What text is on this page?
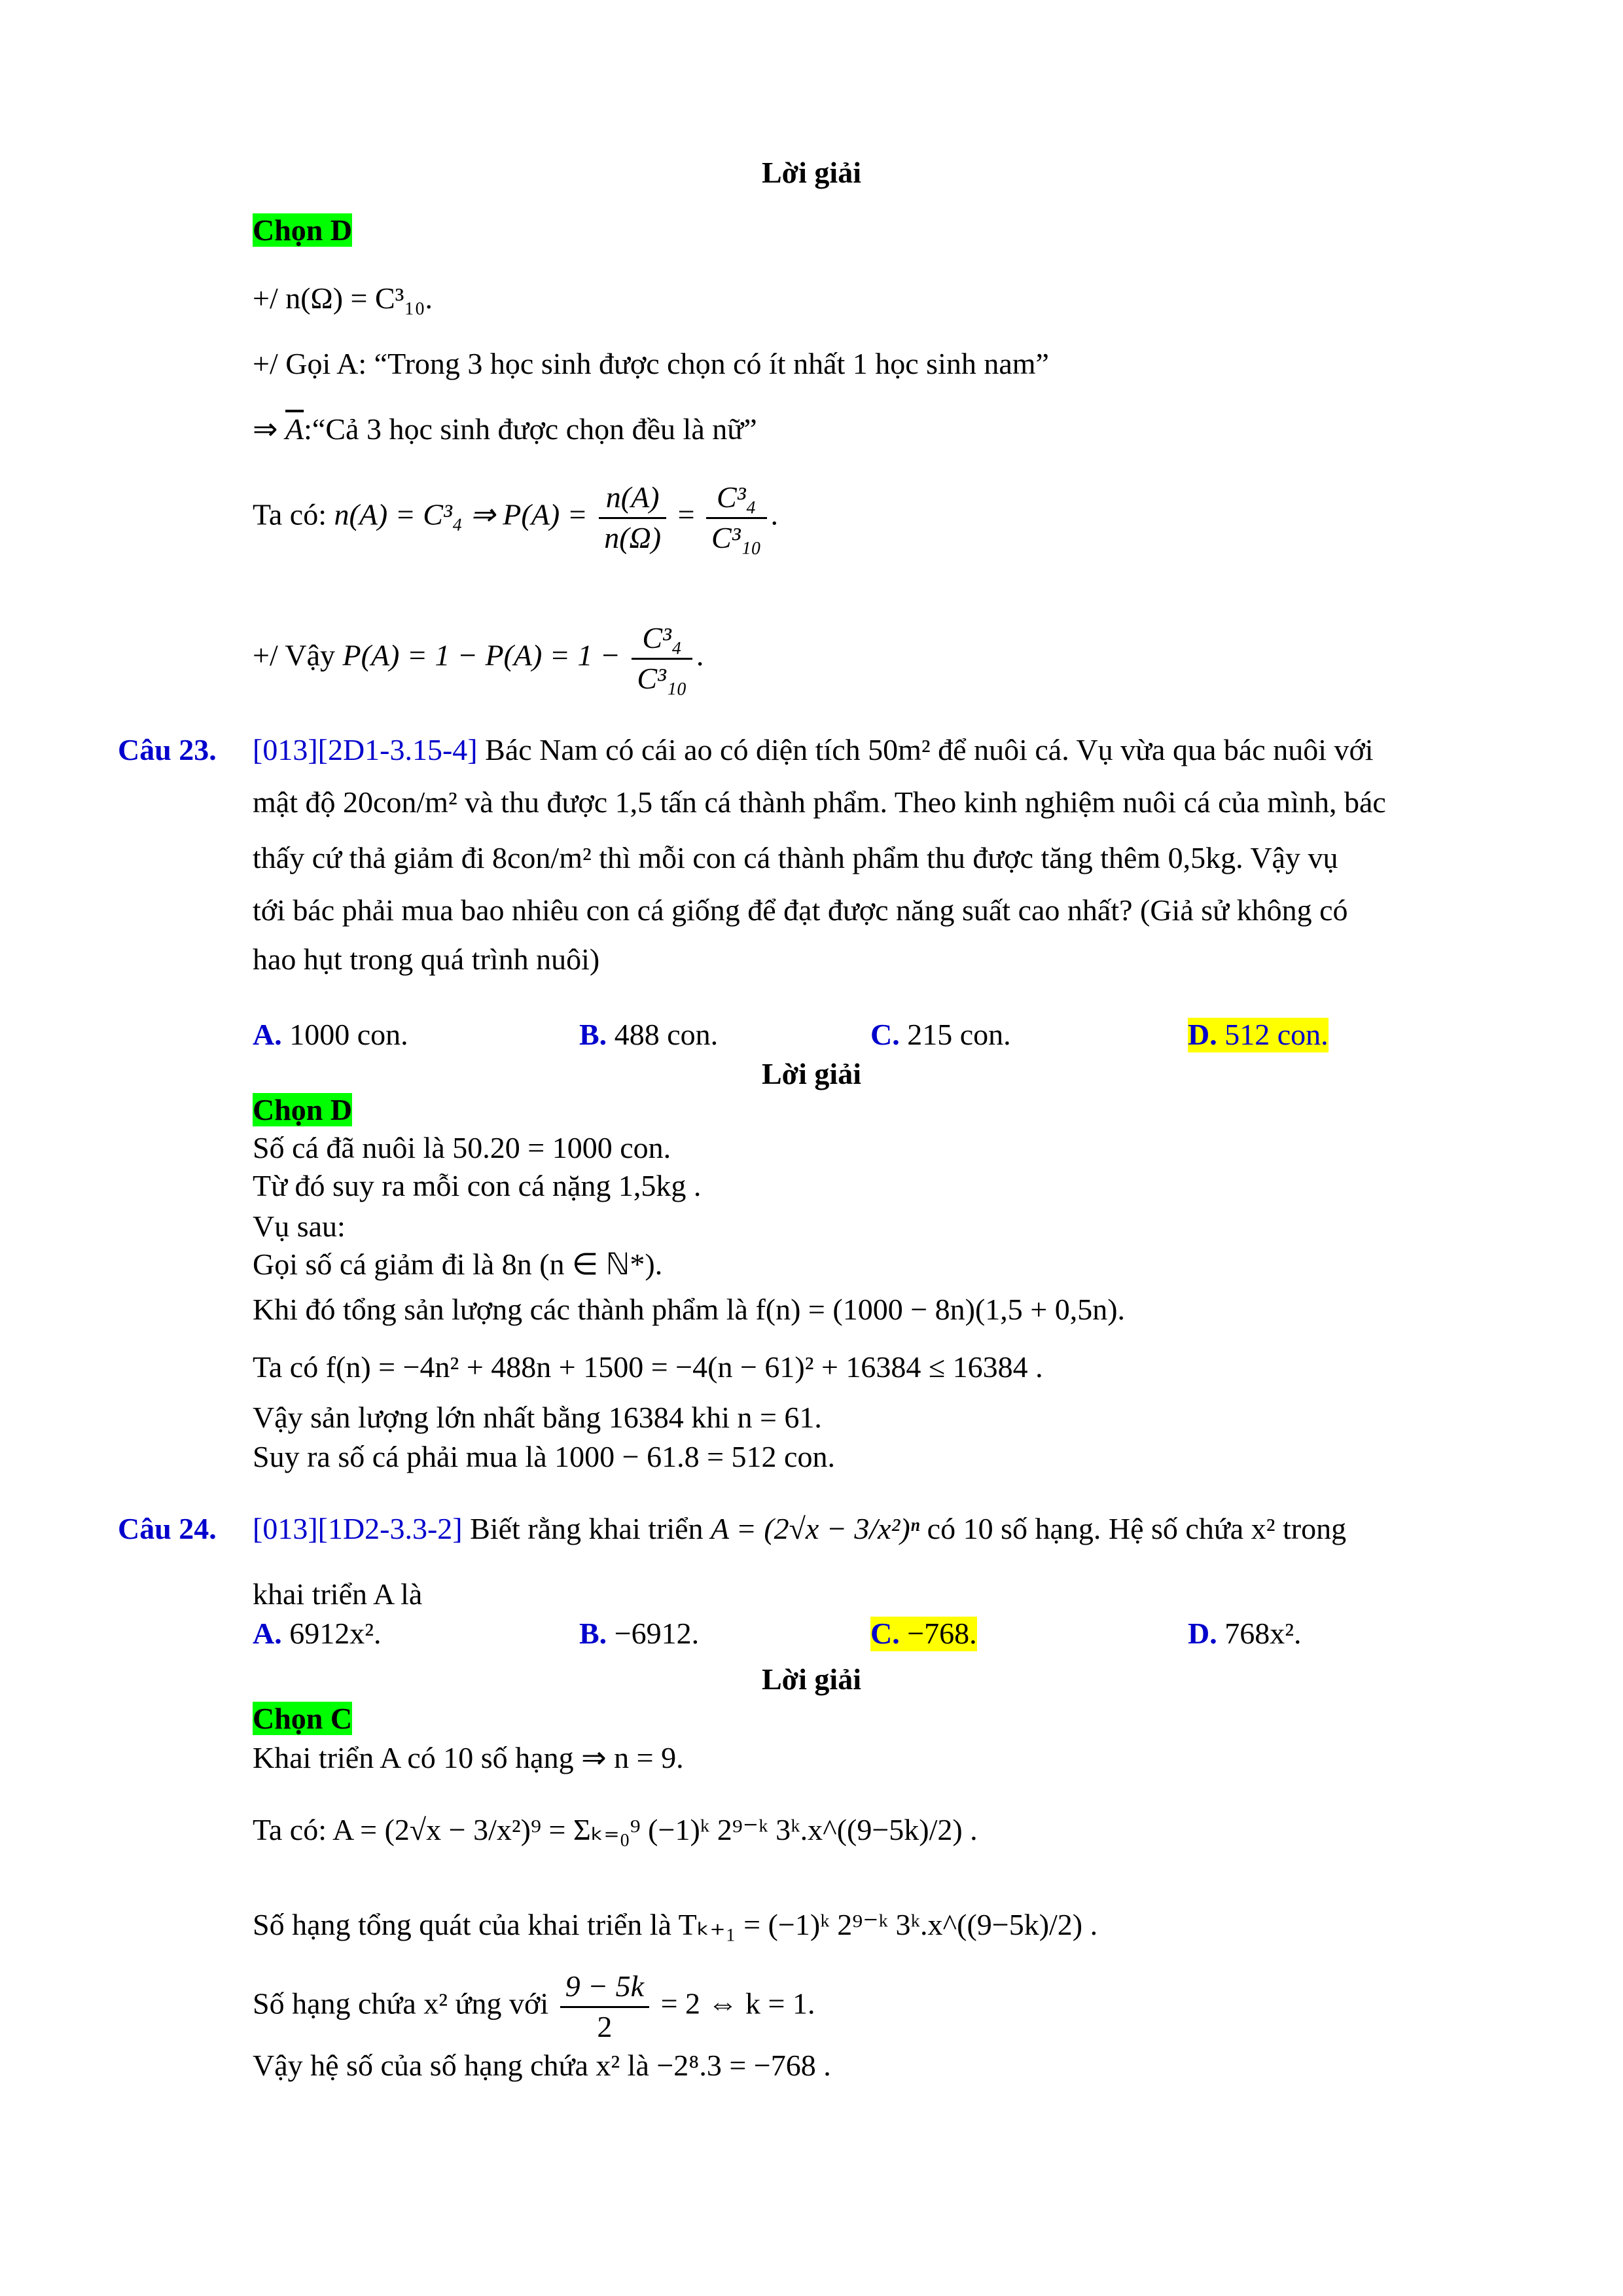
Lời giải
Chọn D
+/ n(Ω) = C³₁₀.
+/ Gọi A: “Trong 3 học sinh được chọn có ít nhất 1 học sinh nam”
⇒ $\overline{A}:“Cả$ 3 học sinh được chọn đều là nữ”
Ta có: n(A) = C³₄ ⇒ $P(A) = \frac{n(A)}{n(\Omega)} = \frac{\text{C³₄}}{\text{C³₁₀}}$ .
+/ Vậy $P(A) = 1 - P(A) = 1 - \frac{\text{C³₄}}{\text{C³₁₀}}$ .
Câu 23. [013][2D1-3.15-4] Bác Nam có cái ao có diện tích 50m² để nuôi cá. Vụ vừa qua bác nuôi với
mật độ 20con/m² và thu được 1,5 tấn cá thành phẩm. Theo kinh nghiệm nuôi cá của mình, bác
thấy cứ thả giảm đi 8con/m² thì mỗi con cá thành phẩm thu được tăng thêm 0,5kg. Vậy vụ
tới bác phải mua bao nhiêu con cá giống để đạt được năng suất cao nhất? (Giả sử không có
hao hụt trong quá trình nuôi)
A. 1000 con.	B. 488 con.	C. 215 con.	D. 512 con.
Lời giải
Chọn D
Số cá đã nuôi là 50.20 = 1000 con.
Từ đó suy ra mỗi con cá nặng 1,5kg .
Vụ sau:
Gọi số cá giảm đi là 8n (n ∈ ℕ*).
Khi đó tổng sản lượng các thành phẩm là f(n) = (1000 − 8n)(1,5 + 0,5n).
Ta có f(n) = −4n² + 488n + 1500 = −4(n − 61)² + 16384 ≤ 16384 .
Vậy sản lượng lớn nhất bằng 16384 khi n = 61.
Suy ra số cá phải mua là 1000 − 61.8 = 512 con.
Câu 24. [013][1D2-3.3-2] Biết rằng khai triển A = (2√x − 3/x²)ⁿ có 10 số hạng. Hệ số chứa x² trong
khai triển A là
A. 6912x².	B. −6912.	C. −768.	D. 768x².
Lời giải
Chọn C
Khai triển A có 10 số hạng ⇒ n = 9.
Ta có: A = (2√x − 3/x²)⁹ = Σₖ₌₀⁹ (−1)ᵏ 2⁹⁻ᵏ 3ᵏ.x^((9−5k)/2) .
Số hạng tổng quát của khai triển là Tₖ₊₁ = (−1)ᵏ 2⁹⁻ᵏ 3ᵏ.x^((9−5k)/2) .
Số hạng chứa x² ứng với $\frac{9 - 5k}{2} = 2$ ⇔ k = 1.
Vậy hệ số của số hạng chứa x² là −2⁸.3 = −768 .
